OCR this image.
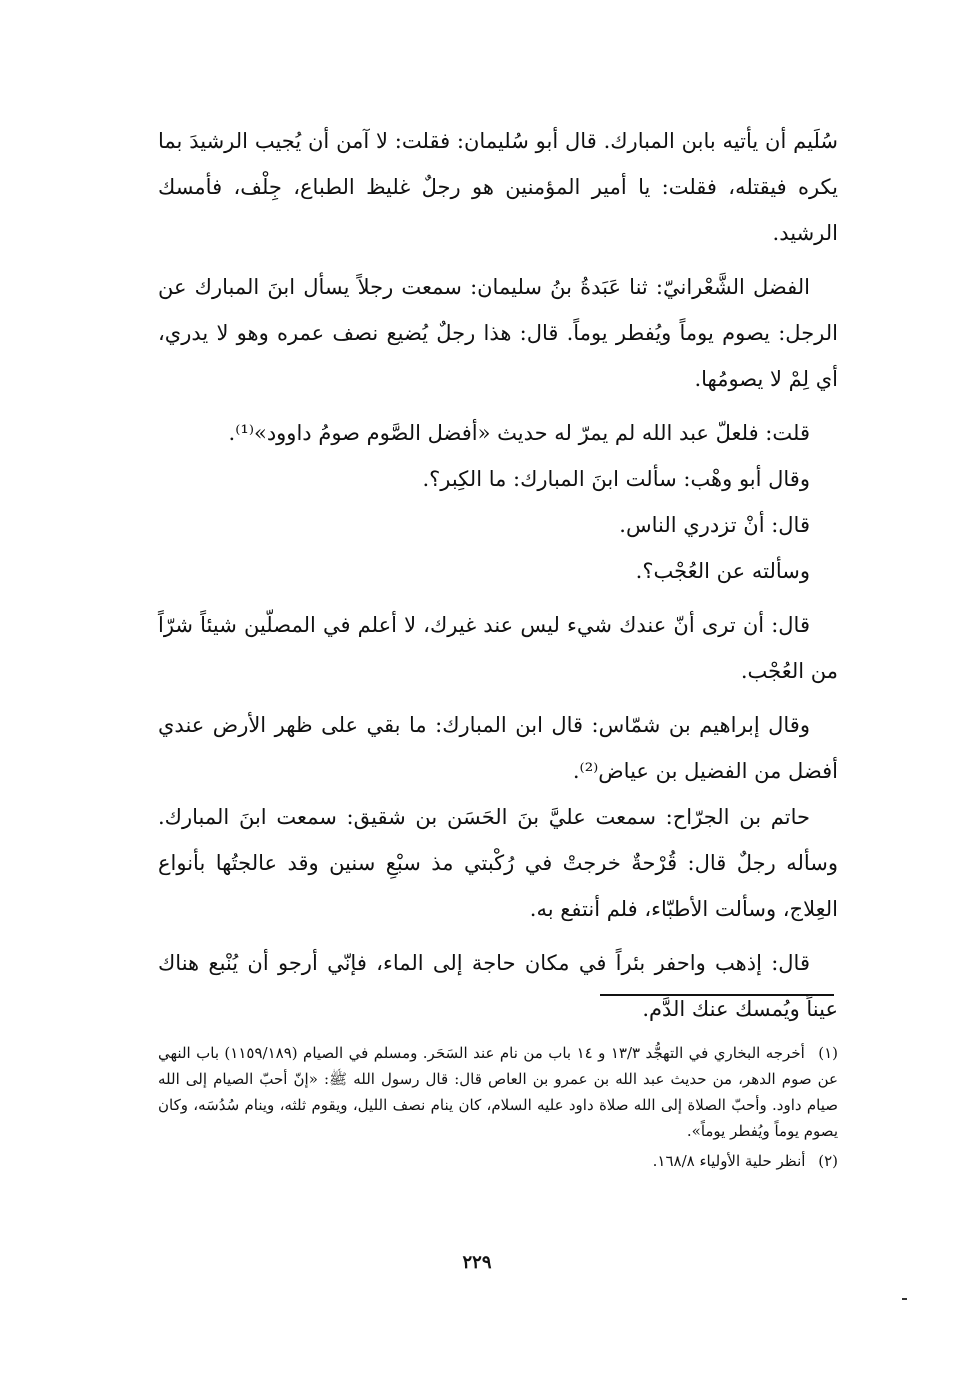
سُلَيم أن يأتيه بابن المبارك. قال أبو سُليمان: فقلت: لا آمن أن يُجيب الرشيدَ بما يكره فيقتله، فقلت: يا أمير المؤمنين هو رجلٌ غليظ الطباع، جِلْف، فأمسك الرشيد.

الفضل الشَّعْرانيّ: ثنا عَبَدةُ بنُ سليمان: سمعت رجلاً يسأل ابنَ المبارك عن الرجل: يصوم يوماً ويُفطر يوماً. قال: هذا رجلٌ يُضيع نصف عمره وهو لا يدري، أي لِمْ لا يصومُها.

قلت: فلعلّ عبد الله لم يمرّ له حديث «أفضل الصَّوم صومُ داوود»⁽¹⁾.

وقال أبو وهْب: سألت ابنَ المبارك: ما الكِبر؟.

قال: أنْ تزدري الناس.

وسألته عن العُجْب؟.

قال: أن ترى أنّ عندك شيء ليس عند غيرك، لا أعلم في المصلّين شيئاً شرّاً من العُجْب.

وقال إبراهيم بن شمّاس: قال ابن المبارك: ما بقي على ظهر الأرض عندي أفضل من الفضيل بن عياض⁽²⁾.

حاتم بن الجرّاح: سمعت عليَّ بنَ الحَسَن بن شقيق: سمعت ابنَ المبارك. وسأله رجلٌ قال: قُرْحةٌ خرجتْ في رُكْبتي مذ سبْعِ سنين وقد عالجتُها بأنواع العِلاج، وسألت الأطبّاء، فلم أنتفع به.

قال: إذهب واحفر بئراً في مكان حاجة إلى الماء، فإنّي أرجو أن يُنْبع هناك عيناً ويُمسك عنك الدَّم.

(١) أخرجه البخاري في التهجُّد ١٣/٣ و ١٤ باب من نام عند السَحَر. ومسلم في الصيام (١١٥٩/١٨٩) باب النهي عن صوم الدهر، من حديث عبد الله بن عمرو بن العاص قال: قال رسول الله ﷺ: «إنّ أحبّ الصيام إلى الله صيام داود. وأحبّ الصلاة إلى الله صلاة داود عليه السلام، كان ينام نصف الليل، ويقوم ثلثه، وينام سُدُسَه، وكان يصوم يوماً ويُفطر يوماً».

(٢) أنظر حلية الأولياء ١٦٨/٨.

٢٢٩
